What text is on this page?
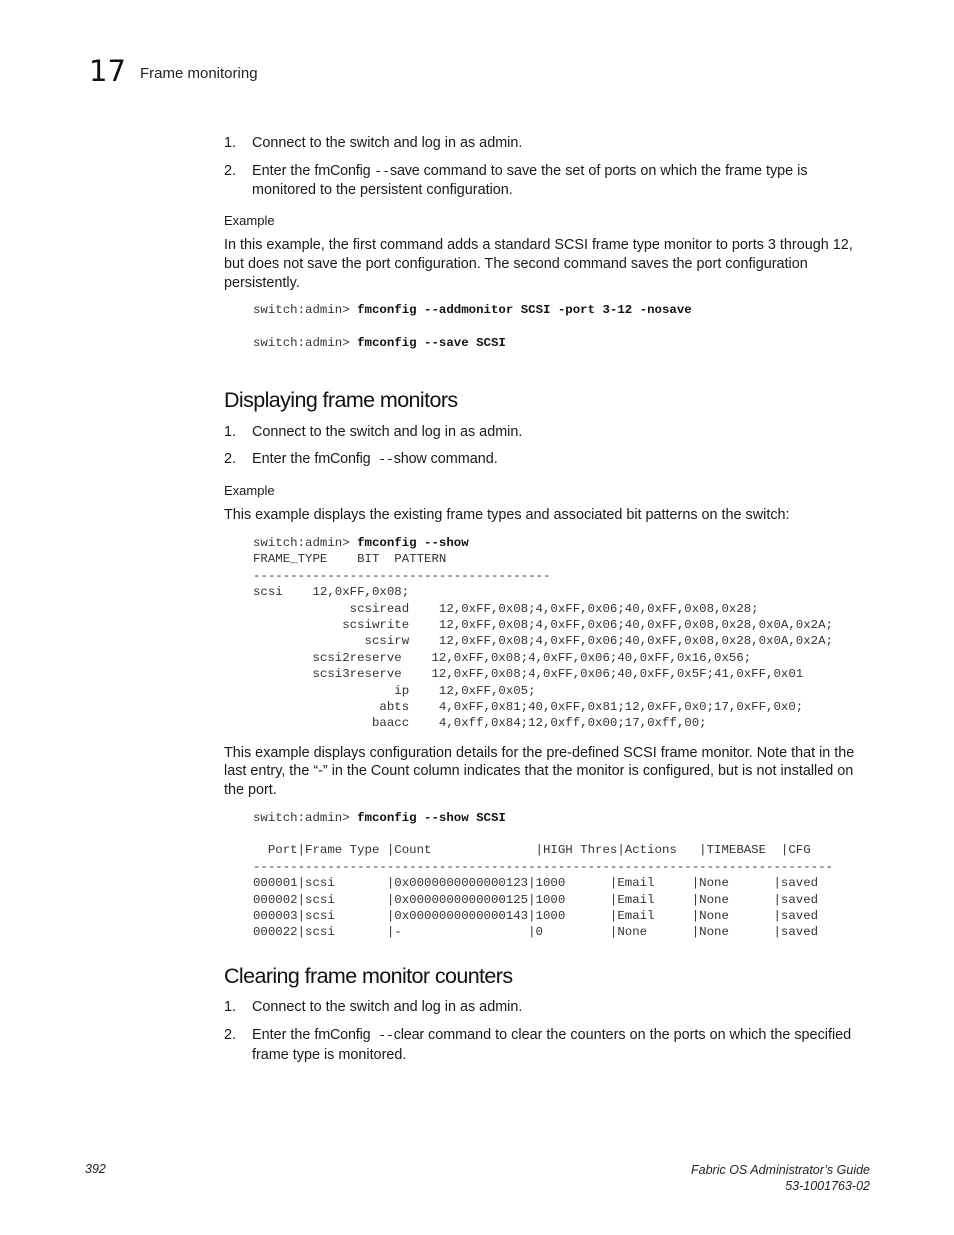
17 Frame monitoring
1. Connect to the switch and log in as admin.
2. Enter the fmConfig --save command to save the set of ports on which the frame type is monitored to the persistent configuration.
Example
In this example, the first command adds a standard SCSI frame type monitor to ports 3 through 12, but does not save the port configuration. The second command saves the port configuration persistently.
switch:admin> fmconfig --addmonitor SCSI -port 3-12 -nosave
switch:admin> fmconfig --save SCSI
Displaying frame monitors
1. Connect to the switch and log in as admin.
2. Enter the fmConfig --show command.
Example
This example displays the existing frame types and associated bit patterns on the switch:
switch:admin> fmconfig --show
FRAME_TYPE    BIT  PATTERN
----------------------------------------
scsi    12,0xFF,0x08;
scsiread    12,0xFF,0x08;4,0xFF,0x06;40,0xFF,0x08,0x28;
scsiwrite    12,0xFF,0x08;4,0xFF,0x06;40,0xFF,0x08,0x28,0x0A,0x2A;
scsirw    12,0xFF,0x08;4,0xFF,0x06;40,0xFF,0x08,0x28,0x0A,0x2A;
scsi2reserve    12,0xFF,0x08;4,0xFF,0x06;40,0xFF,0x16,0x56;
scsi3reserve    12,0xFF,0x08;4,0xFF,0x06;40,0xFF,0x5F;41,0xFF,0x01
ip    12,0xFF,0x05;
abts    4,0xFF,0x81;40,0xFF,0x81;12,0xFF,0x0;17,0xFF,0x0;
baacc    4,0xff,0x84;12,0xff,0x00;17,0xff,00;
This example displays configuration details for the pre-defined SCSI frame monitor. Note that in the last entry, the “-” in the Count column indicates that the monitor is configured, but is not installed on the port.
switch:admin> fmconfig --show SCSI

Port|Frame Type |Count              |HIGH Thres|Actions   |TIMEBASE  |CFG
------------------------------------------------------------------------------
000001|scsi       |0x0000000000000123|1000      |Email     |None      |saved
000002|scsi       |0x0000000000000125|1000      |Email     |None      |saved
000003|scsi       |0x0000000000000143|1000      |Email     |None      |saved
000022|scsi       |-                 |0         |None      |None      |saved
Clearing frame monitor counters
1. Connect to the switch and log in as admin.
2. Enter the fmConfig --clear command to clear the counters on the ports on which the specified frame type is monitored.
392	Fabric OS Administrator’s Guide
53-1001763-02
